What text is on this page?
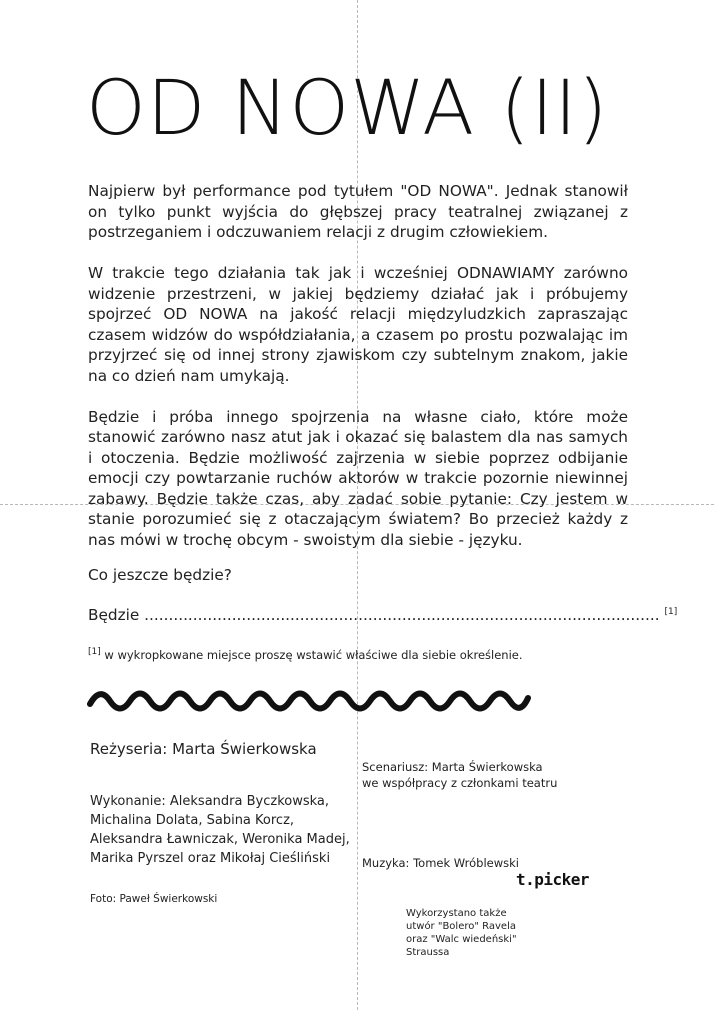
OD NOWA (II)

Najpierw był performance pod tytułem "OD NOWA". Jednak stanowił on tylko punkt wyjścia do głębszej pracy teatralnej związanej z postrzeganiem i odczuwaniem relacji z drugim człowiekiem.

W trakcie tego działania tak jak i wcześniej ODNAWIAMY zarówno widzenie przestrzeni, w jakiej będziemy działać jak i próbujemy spojrzeć OD NOWA na jakość relacji międzyludzkich zapraszając czasem widzów do współdziałania, a czasem po prostu pozwalając im przyjrzeć się od innej strony zjawiskom czy subtelnym znakom, jakie na co dzień nam umykają.

Będzie i próba innego spojrzenia na własne ciało, które może stanowić zarówno nasz atut jak i okazać się balastem dla nas samych i otoczenia. Będzie możliwość zajrzenia w siebie poprzez odbijanie emocji czy powtarzanie ruchów aktorów w trakcie pozornie niewinnej zabawy. Będzie także czas, aby zadać sobie pytanie: Czy jestem w stanie porozumieć się z otaczającym światem? Bo przecież każdy z nas mówi w trochę obcym - swoistym dla siebie - języku.

Co jeszcze będzie?
Będzie .......................................................................................................... [1]
[1] w wykropkowane miejsce proszę wstawić właściwe dla siebie określenie.
Reżyseria: Marta Świerkowska
Scenariusz: Marta Świerkowska
we współpracy z członkami teatru
Wykonanie: Aleksandra Byczkowska,
Michalina Dolata, Sabina Korcz,
Aleksandra Ławniczak, Weronika Madej,
Marika Pyrszel oraz Mikołaj Cieśliński	Muzyka: Tomek Wróblewski
t.picker
Foto: Paweł Świerkowski
Wykorzystano także
utwór "Bolero" Ravela
oraz "Walc wiedeński"
Straussa
